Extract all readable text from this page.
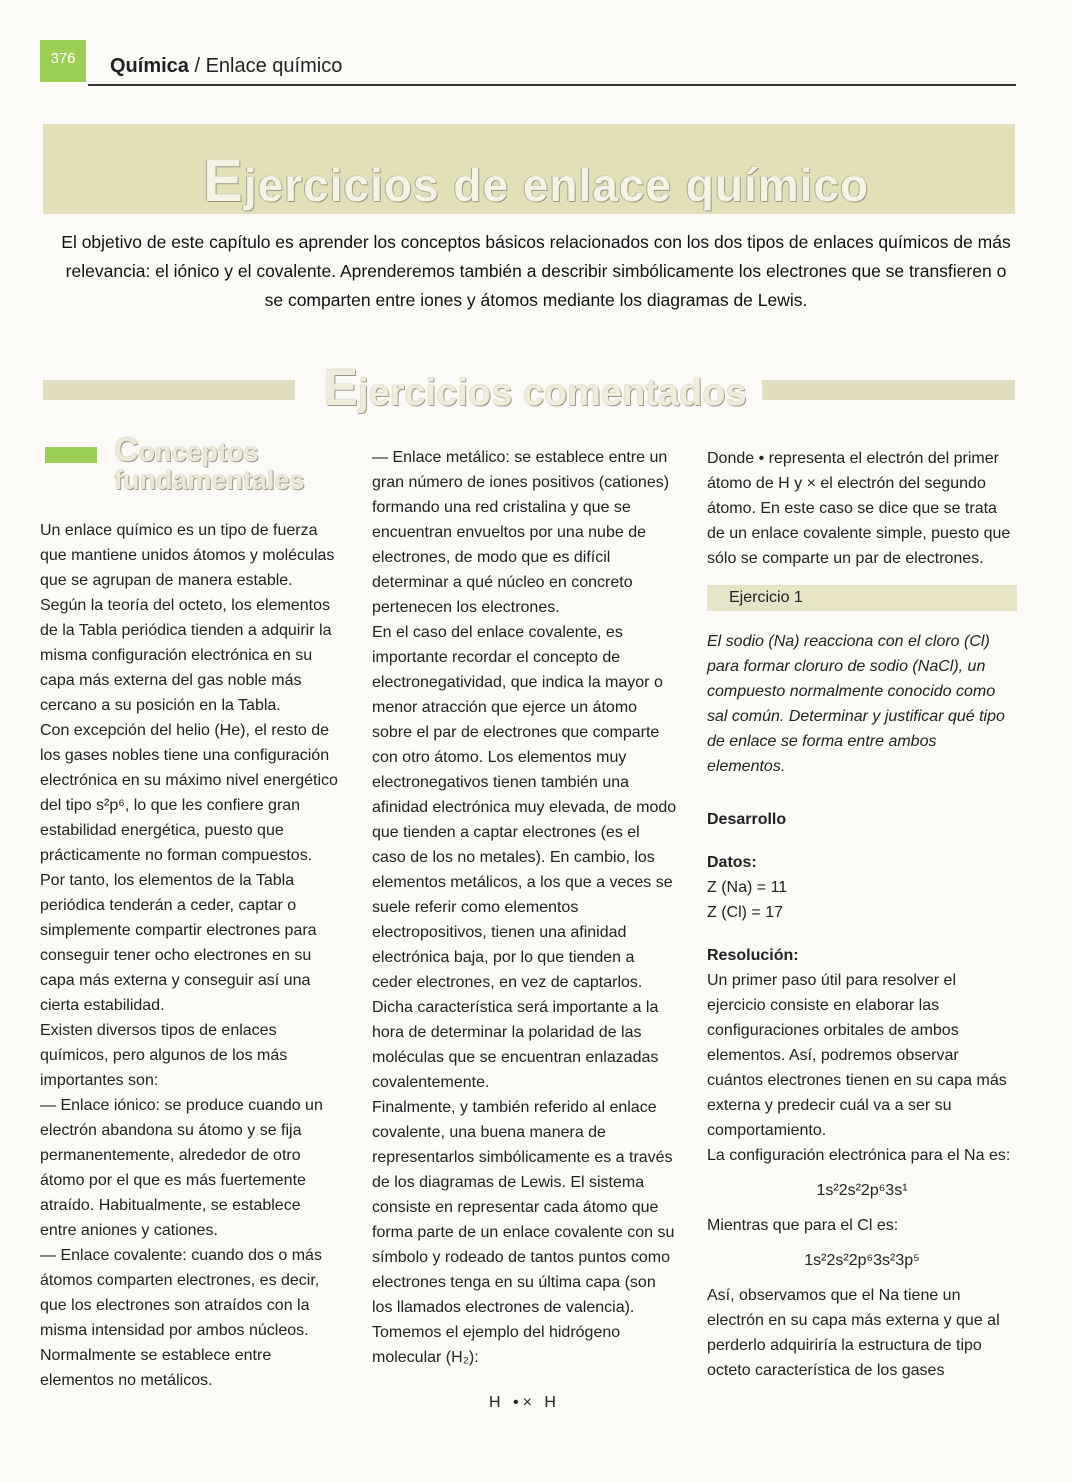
376	Química / Enlace químico
Ejercicios de enlace químico
El objetivo de este capítulo es aprender los conceptos básicos relacionados con los dos tipos de enlaces químicos de más relevancia: el iónico y el covalente. Aprenderemos también a describir simbólicamente los electrones que se transfieren o se comparten entre iones y átomos mediante los diagramas de Lewis.
Ejercicios comentados
Conceptos
fundamentales

Un enlace químico es un tipo de fuerza que mantiene unidos átomos y moléculas que se agrupan de manera estable. Según la teoría del octeto, los elementos de la Tabla periódica tienden a adquirir la misma configuración electrónica en su capa más externa del gas noble más cercano a su posición en la Tabla.

Con excepción del helio (He), el resto de los gases nobles tiene una configuración electrónica en su máximo nivel energético del tipo s²p⁶, lo que les confiere gran estabilidad energética, puesto que prácticamente no forman compuestos.

Por tanto, los elementos de la Tabla periódica tenderán a ceder, captar o simplemente compartir electrones para conseguir tener ocho electrones en su capa más externa y conseguir así una cierta estabilidad.

Existen diversos tipos de enlaces químicos, pero algunos de los más importantes son:

— Enlace iónico: se produce cuando un electrón abandona su átomo y se fija permanentemente, alrededor de otro átomo por el que es más fuertemente atraído. Habitualmente, se establece entre aniones y cationes.

— Enlace covalente: cuando dos o más átomos comparten electrones, es decir, que los electrones son atraídos con la misma intensidad por ambos núcleos. Normalmente se establece entre elementos no metálicos.

— Enlace metálico: se establece entre un gran número de iones positivos (cationes) formando una red cristalina y que se encuentran envueltos por una nube de electrones, de modo que es difícil determinar a qué núcleo en concreto pertenecen los electrones.

En el caso del enlace covalente, es importante recordar el concepto de electronegatividad, que indica la mayor o menor atracción que ejerce un átomo sobre el par de electrones que comparte con otro átomo. Los elementos muy electronegativos tienen también una afinidad electrónica muy elevada, de modo que tienden a captar electrones (es el caso de los no metales). En cambio, los elementos metálicos, a los que a veces se suele referir como elementos electropositivos, tienen una afinidad electrónica baja, por lo que tienden a ceder electrones, en vez de captarlos.

Dicha característica será importante a la hora de determinar la polaridad de las moléculas que se encuentran enlazadas covalentemente.

Finalmente, y también referido al enlace covalente, una buena manera de representarlos simbólicamente es a través de los diagramas de Lewis. El sistema consiste en representar cada átomo que forma parte de un enlace covalente con su símbolo y rodeado de tantos puntos como electrones tenga en su última capa (son los llamados electrones de valencia). Tomemos el ejemplo del hidrógeno molecular (H₂):

H •× H

Donde • representa el electrón del primer átomo de H y × el electrón del segundo átomo. En este caso se dice que se trata de un enlace covalente simple, puesto que sólo se comparte un par de electrones.

Ejercicio 1

El sodio (Na) reacciona con el cloro (Cl) para formar cloruro de sodio (NaCl), un compuesto normalmente conocido como sal común. Determinar y justificar qué tipo de enlace se forma entre ambos elementos.

Desarrollo

Datos:

Z (Na) = 11

Z (Cl) = 17

Resolución:

Un primer paso útil para resolver el ejercicio consiste en elaborar las configuraciones orbitales de ambos elementos. Así, podremos observar cuántos electrones tienen en su capa más externa y predecir cuál va a ser su comportamiento.

La configuración electrónica para el Na es:

1s²2s²2p⁶3s¹

Mientras que para el Cl es:

1s²2s²2p⁶3s²3p⁵

Así, observamos que el Na tiene un electrón en su capa más externa y que al perderlo adquiriría la estructura de tipo octeto característica de los gases
